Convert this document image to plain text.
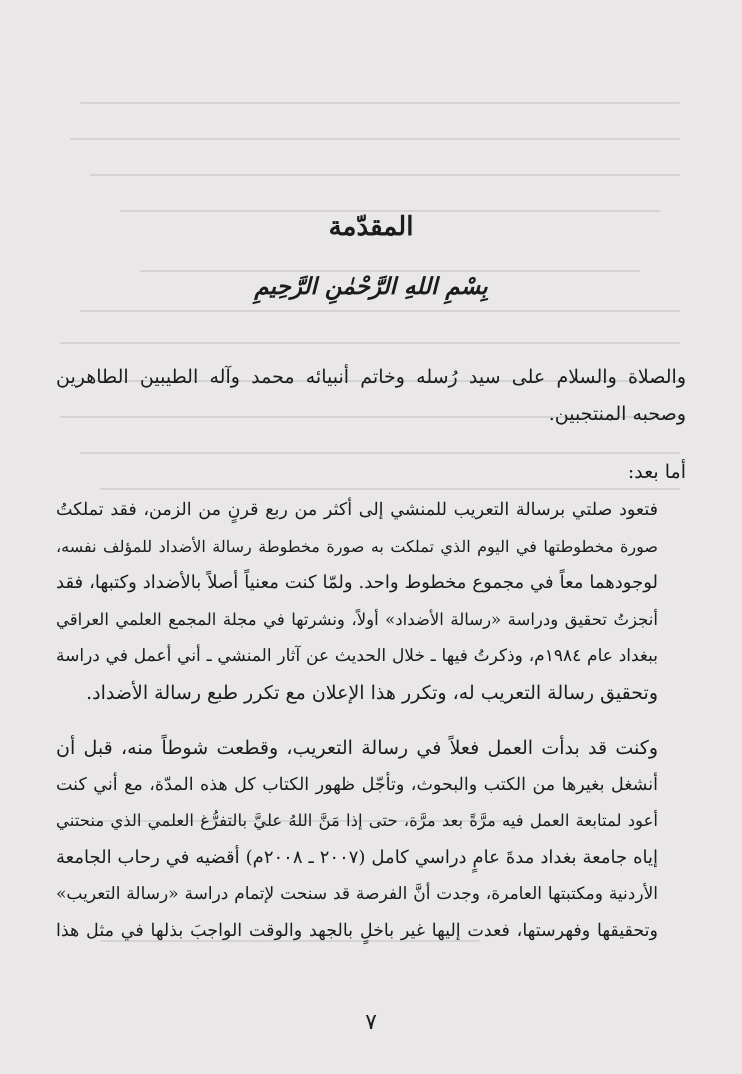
المقدّمة
بِسْمِ اللهِ الرَّحْمٰنِ الرَّحِيمِ
والصلاة والسلام على سيد رُسله وخاتم أنبيائه محمد وآله الطيبين الطاهرين
وصحبه المنتجبين.
أما بعد:
فتعود صلتي برسالة التعريب للمنشي إلى أكثر من ربع قرنٍ من الزمن، فقد تملكتُ
صورة مخطوطتها في اليوم الذي تملكت به صورة مخطوطة رسالة الأضداد للمؤلف نفسه،
لوجودهما معاً في مجموع مخطوط واحد. ولمّا كنت معنياً أصلاً بالأضداد وكتبها، فقد
أنجزتُ تحقيق ودراسة «رسالة الأضداد» أولاً، ونشرتها في مجلة المجمع العلمي العراقي
ببغداد عام ١٩٨٤م، وذكرتُ فيها ـ خلال الحديث عن آثار المنشي ـ أني أعمل في دراسة
وتحقيق رسالة التعريب له، وتكرر هذا الإعلان مع تكرر طبع رسالة الأضداد.
وكنت قد بدأت العمل فعلاً في رسالة التعريب، وقطعت شوطاً منه، قبل أن
أنشغل بغيرها من الكتب والبحوث، وتأجّل ظهور الكتاب كل هذه المدّة، مع أني كنت
أعود لمتابعة العمل فيه مرَّةً بعد مرَّة، حتى إذا مَنَّ اللهُ عليَّ بالتفرُّغ العلمي الذي منحتني
إياه جامعة بغداد مدةَ عامٍ دراسي كامل (٢٠٠٧ ـ ٢٠٠٨م) أقضيه في رحاب الجامعة
الأردنية ومكتبتها العامرة، وجدت أنَّ الفرصة قد سنحت لإتمام دراسة «رسالة التعريب»
وتحقيقها وفهرستها، فعدت إليها غير باخلٍ بالجهد والوقت الواجبَ بذلها في مثل هذا
٧
